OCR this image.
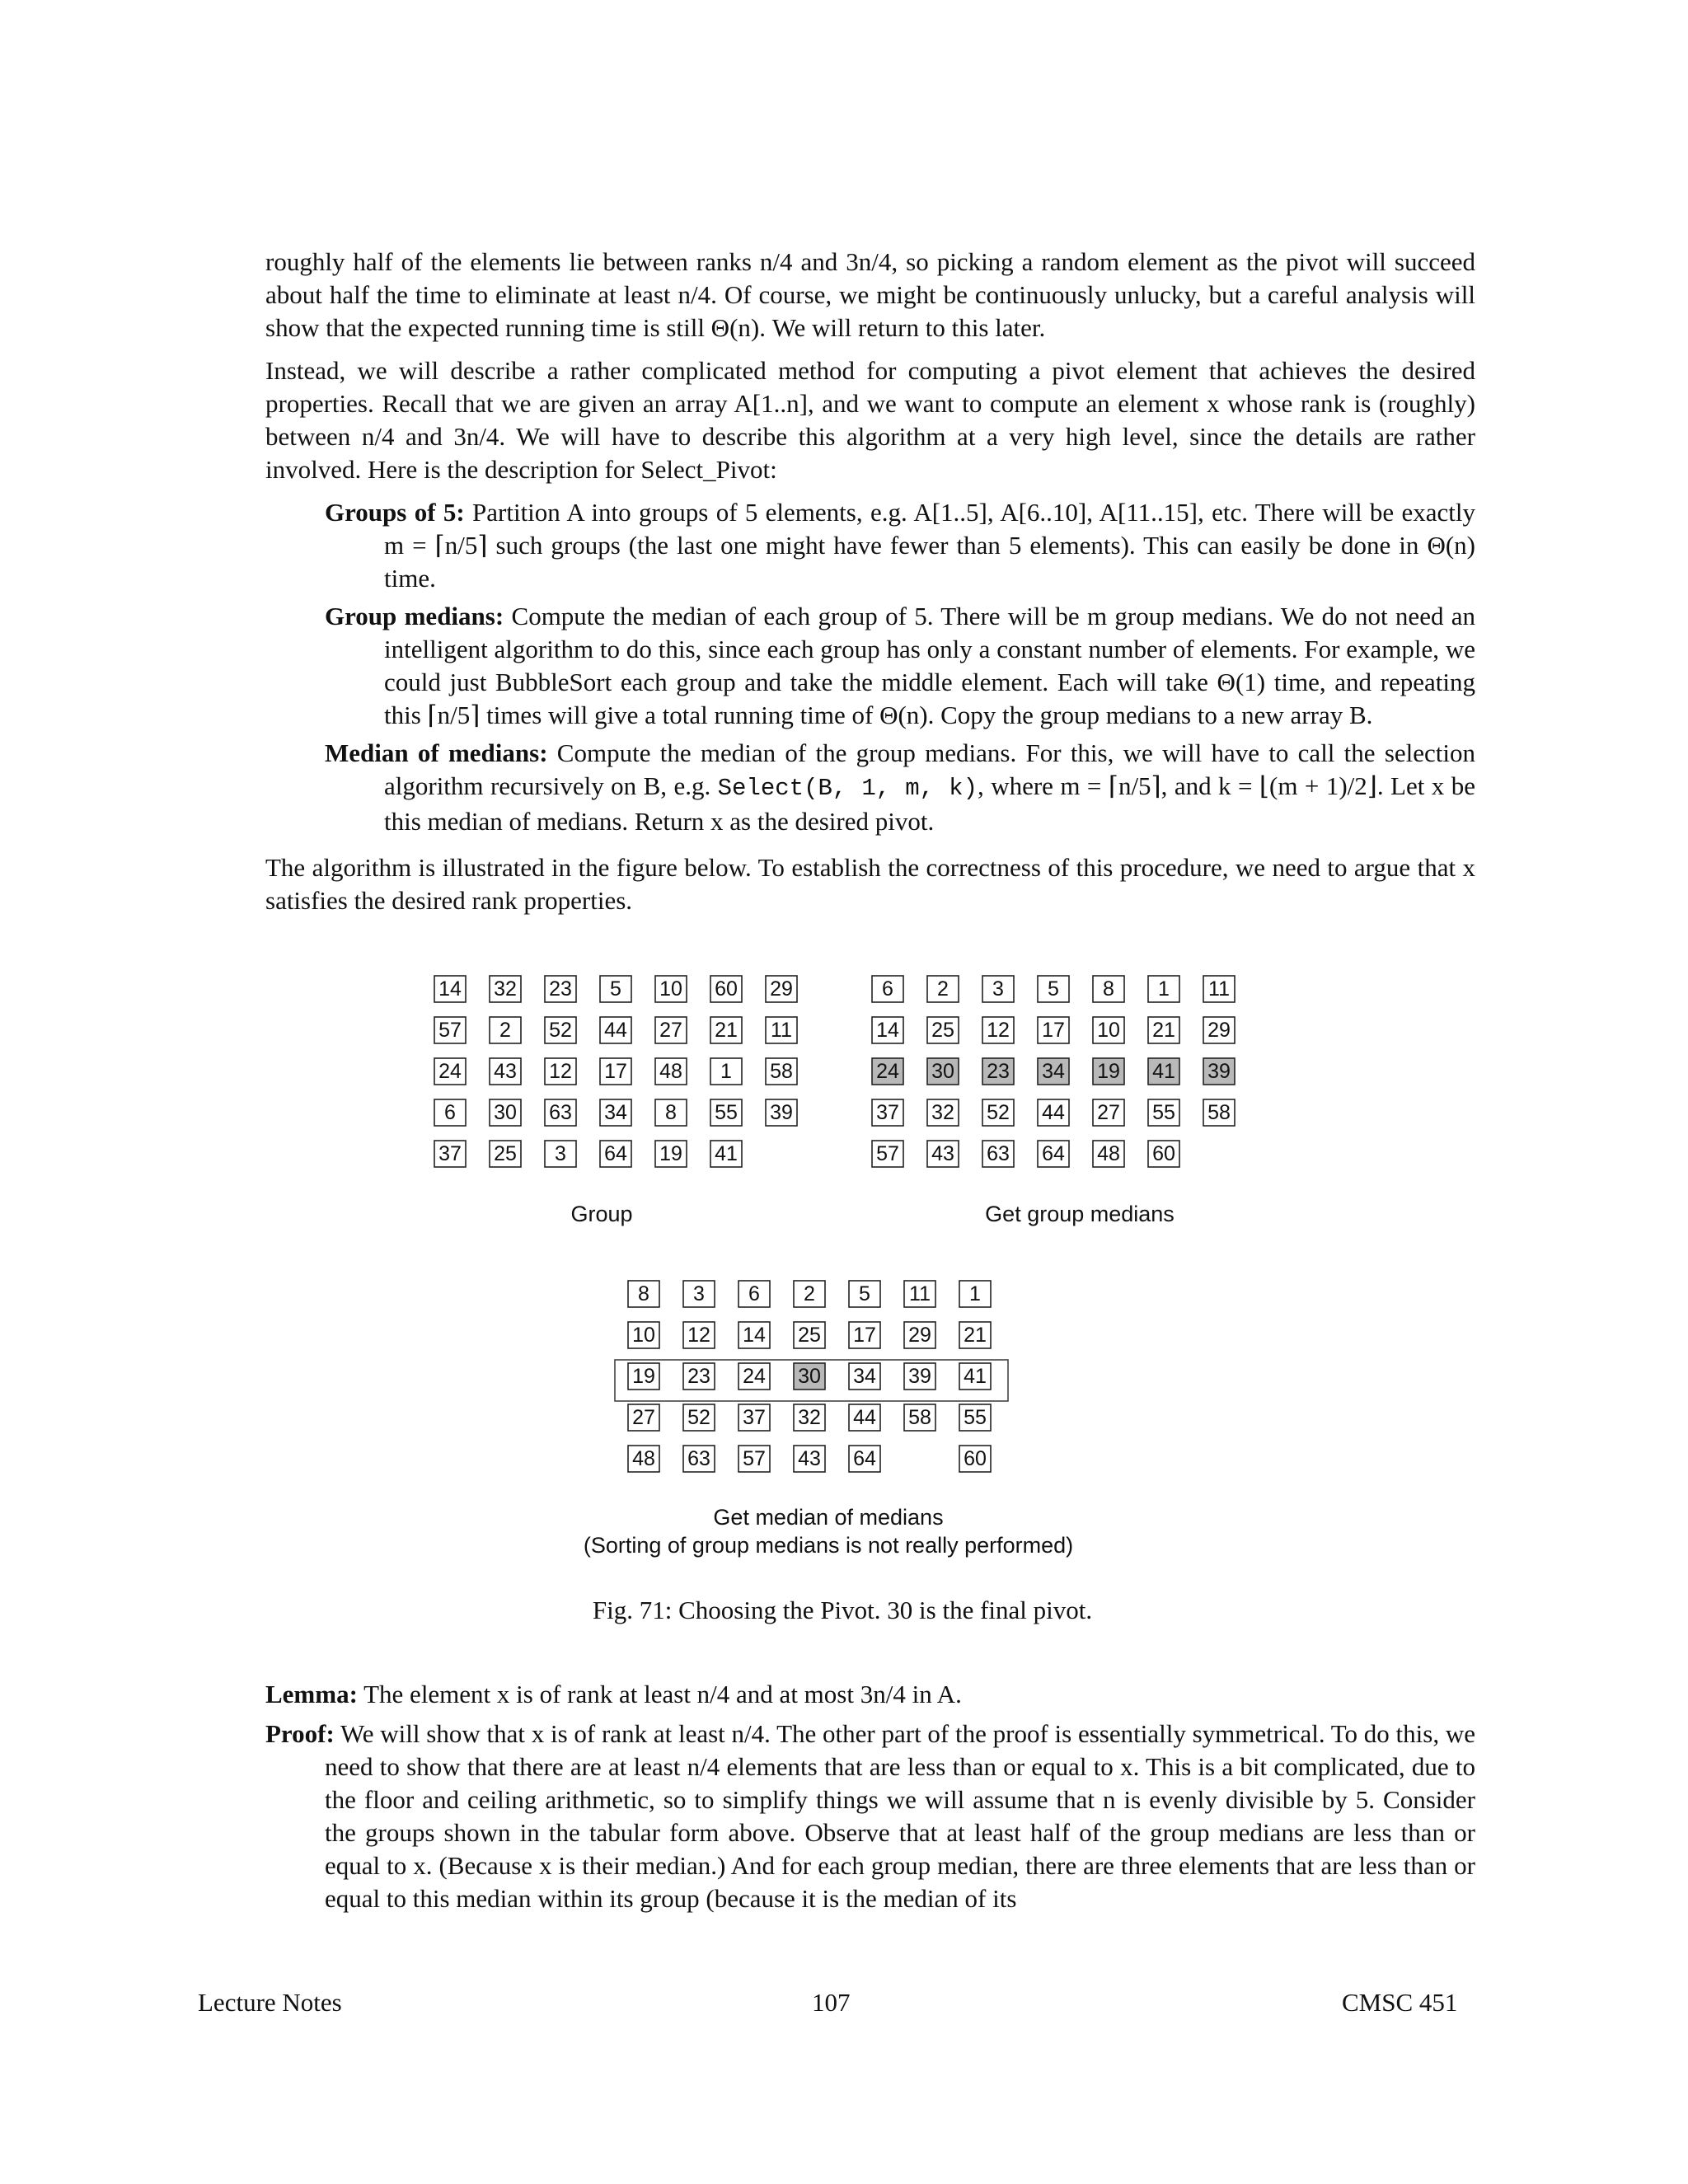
roughly half of the elements lie between ranks n/4 and 3n/4, so picking a random element as the pivot will succeed about half the time to eliminate at least n/4. Of course, we might be continuously unlucky, but a careful analysis will show that the expected running time is still Θ(n). We will return to this later.

Instead, we will describe a rather complicated method for computing a pivot element that achieves the desired properties. Recall that we are given an array A[1..n], and we want to compute an element x whose rank is (roughly) between n/4 and 3n/4. We will have to describe this algorithm at a very high level, since the details are rather involved. Here is the description for Select_Pivot:

Groups of 5: Partition A into groups of 5 elements, e.g. A[1..5], A[6..10], A[11..15], etc. There will be exactly m = ⌈n/5⌉ such groups (the last one might have fewer than 5 elements). This can easily be done in Θ(n) time.

Group medians: Compute the median of each group of 5. There will be m group medians. We do not need an intelligent algorithm to do this, since each group has only a constant number of elements. For example, we could just BubbleSort each group and take the middle element. Each will take Θ(1) time, and repeating this ⌈n/5⌉ times will give a total running time of Θ(n). Copy the group medians to a new array B.

Median of medians: Compute the median of the group medians. For this, we will have to call the selection algorithm recursively on B, e.g. Select(B, 1, m, k), where m = ⌈n/5⌉, and k = ⌊(m + 1)/2⌋. Let x be this median of medians. Return x as the desired pivot.

The algorithm is illustrated in the figure below. To establish the correctness of this procedure, we need to argue that x satisfies the desired rank properties.

14 32 23 5 10 60 29
57 2 52 44 27 21 11
24 43 12 17 48 1 58
6 30 63 34 8 55 39
37 25 3 64 19 41
6 2 3 5 8 1 11
14 25 12 17 10 21 29
24 30 23 34 19 41 39
37 32 52 44 27 55 58
57 43 63 64 48 60
8 3 6 2 5 11 1
10 12 14 25 17 29 21
19 23 24 30 34 39 41
27 52 37 32 44 58 55
48 63 57 43 64	60
Group	Get group medians
Get median of medians
(Sorting of group medians is not really performed)
Fig. 71: Choosing the Pivot. 30 is the final pivot.

Lemma: The element x is of rank at least n/4 and at most 3n/4 in A.

Proof: We will show that x is of rank at least n/4. The other part of the proof is essentially symmetrical. To do this, we need to show that there are at least n/4 elements that are less than or equal to x. This is a bit complicated, due to the floor and ceiling arithmetic, so to simplify things we will assume that n is evenly divisible by 5. Consider the groups shown in the tabular form above. Observe that at least half of the group medians are less than or equal to x. (Because x is their median.) And for each group median, there are three elements that are less than or equal to this median within its group (because it is the median of its

Lecture Notes	107	CMSC 451
